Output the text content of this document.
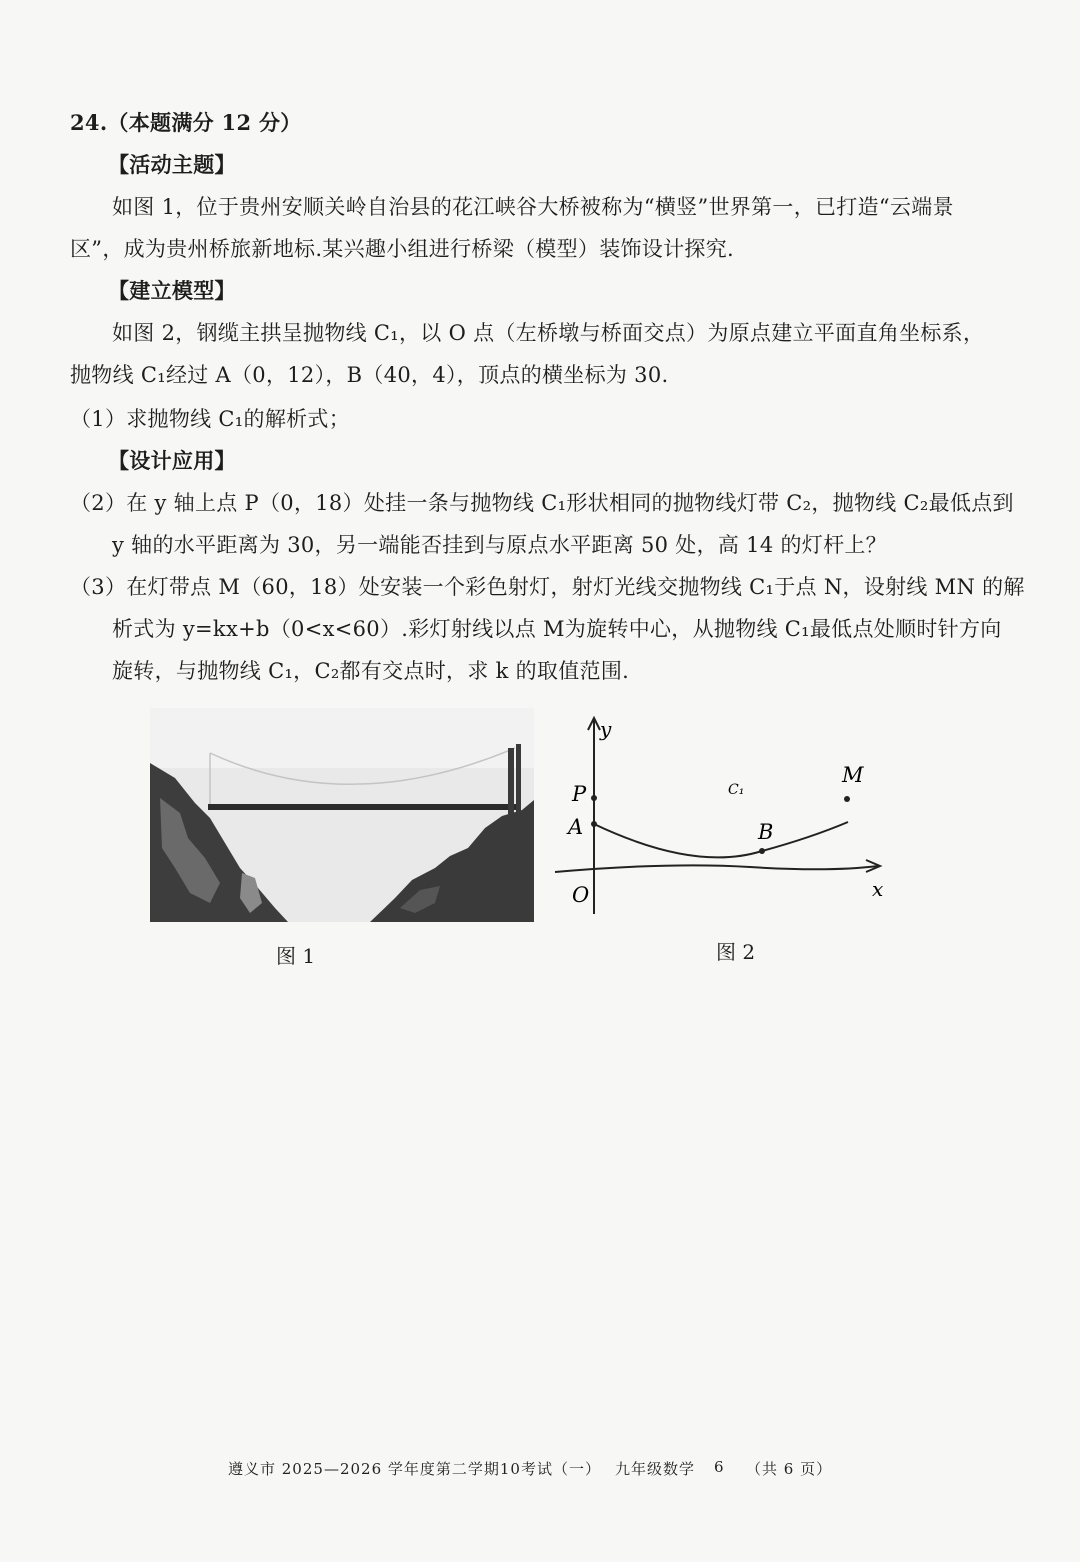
24.（本题满分 12 分）
【活动主题】
如图 1，位于贵州安顺关岭自治县的花江峡谷大桥被称为“横竖”世界第一，已打造“云端景
区”，成为贵州桥旅新地标.某兴趣小组进行桥梁（模型）装饰设计探究.
【建立模型】
如图 2，钢缆主拱呈抛物线 C₁，以 O 点（左桥墩与桥面交点）为原点建立平面直角坐标系，
抛物线 C₁经过 A（0，12），B（40，4），顶点的横坐标为 30.
（1）求抛物线 C₁的解析式；
【设计应用】
（2）在 y 轴上点 P（0，18）处挂一条与抛物线 C₁形状相同的抛物线灯带 C₂，抛物线 C₂最低点到
y 轴的水平距离为 30，另一端能否挂到与原点水平距离 50 处，高 14 的灯杆上？
（3）在灯带点 M（60，18）处安装一个彩色射灯，射灯光线交抛物线 C₁于点 N，设射线 MN 的解
析式为 y=kx+b（0<x<60）.彩灯射线以点 M为旋转中心，从抛物线 C₁最低点处顺时针方向
旋转，与抛物线 C₁，C₂都有交点时，求 k 的取值范围.
y
x
O
P
A	B
M
C₁
图 1	图 2
遵义市 2025—2026 学年度第二学期10考试（一） 九年级数学 6 （共 6 页）
